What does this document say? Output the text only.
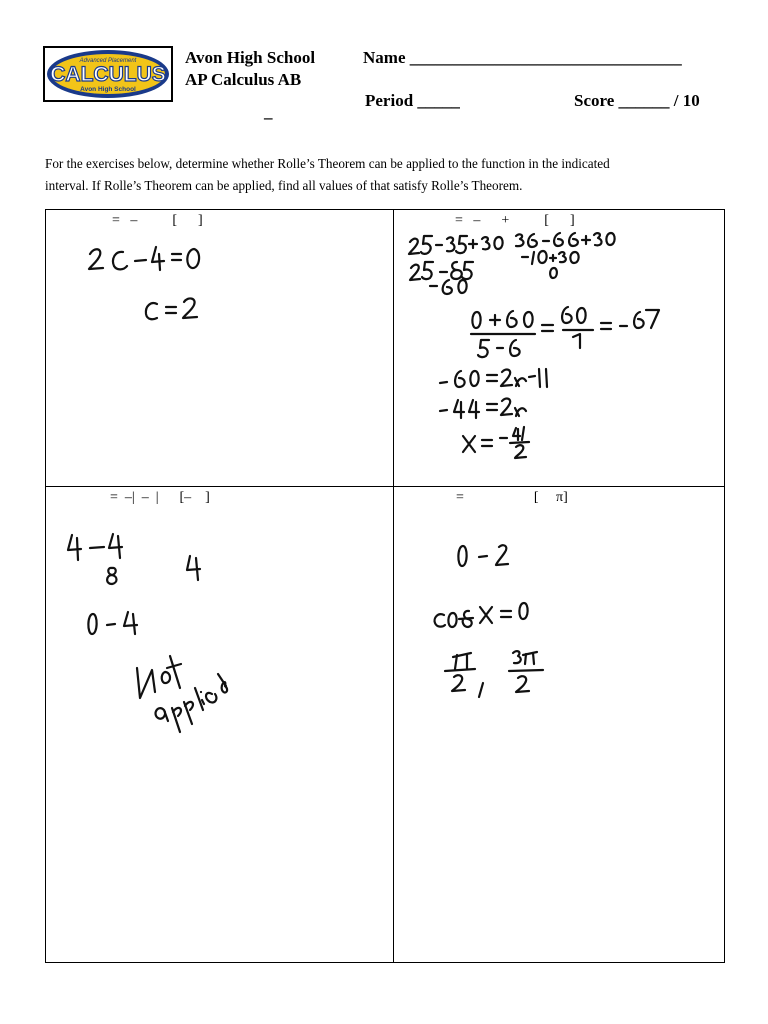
Advanced Placement
CALCULUS
Avon High School
Avon High School
AP Calculus AB
Name ________________________________
Period _____	Score ______ / 10
–
For the exercises below, determine whether Rolle’s Theorem can be applied to the function in the indicated
interval. If Rolle’s Theorem can be applied, find all values of that satisfy Rolle’s Theorem.
=   –          [      ]	=   –      +          [      ]
=  –|  –  |      [–    ]	=                    [     π]
